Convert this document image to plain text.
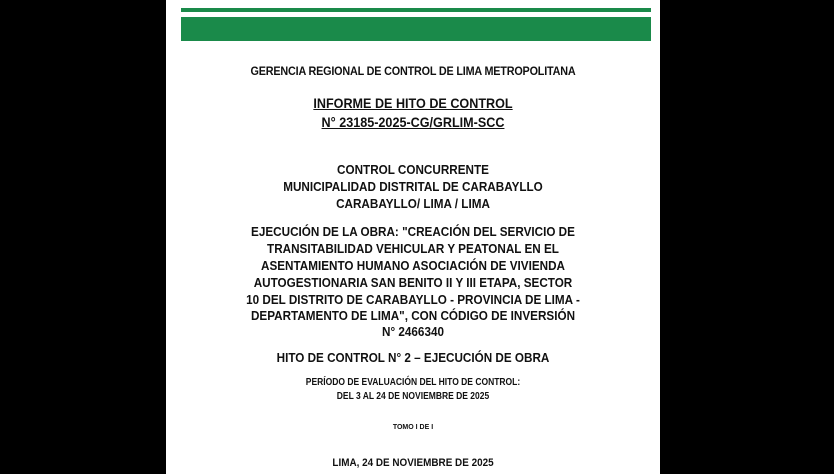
GERENCIA REGIONAL DE CONTROL DE LIMA METROPOLITANA
INFORME DE HITO DE CONTROL
N° 23185-2025-CG/GRLIM-SCC
CONTROL CONCURRENTE
MUNICIPALIDAD DISTRITAL DE CARABAYLLO
CARABAYLLO/ LIMA / LIMA
EJECUCIÓN DE LA OBRA: "CREACIÓN DEL SERVICIO DE
TRANSITABILIDAD VEHICULAR Y PEATONAL EN EL
ASENTAMIENTO HUMANO ASOCIACIÓN DE VIVIENDA
AUTOGESTIONARIA SAN BENITO II Y III ETAPA, SECTOR
10 DEL DISTRITO DE CARABAYLLO - PROVINCIA DE LIMA -
DEPARTAMENTO DE LIMA", CON CÓDIGO DE INVERSIÓN
N° 2466340
HITO DE CONTROL N° 2 – EJECUCIÓN DE OBRA
PERÍODO DE EVALUACIÓN DEL HITO DE CONTROL:
DEL 3 AL 24 DE NOVIEMBRE DE 2025
TOMO I DE I
LIMA, 24 DE NOVIEMBRE DE 2025
